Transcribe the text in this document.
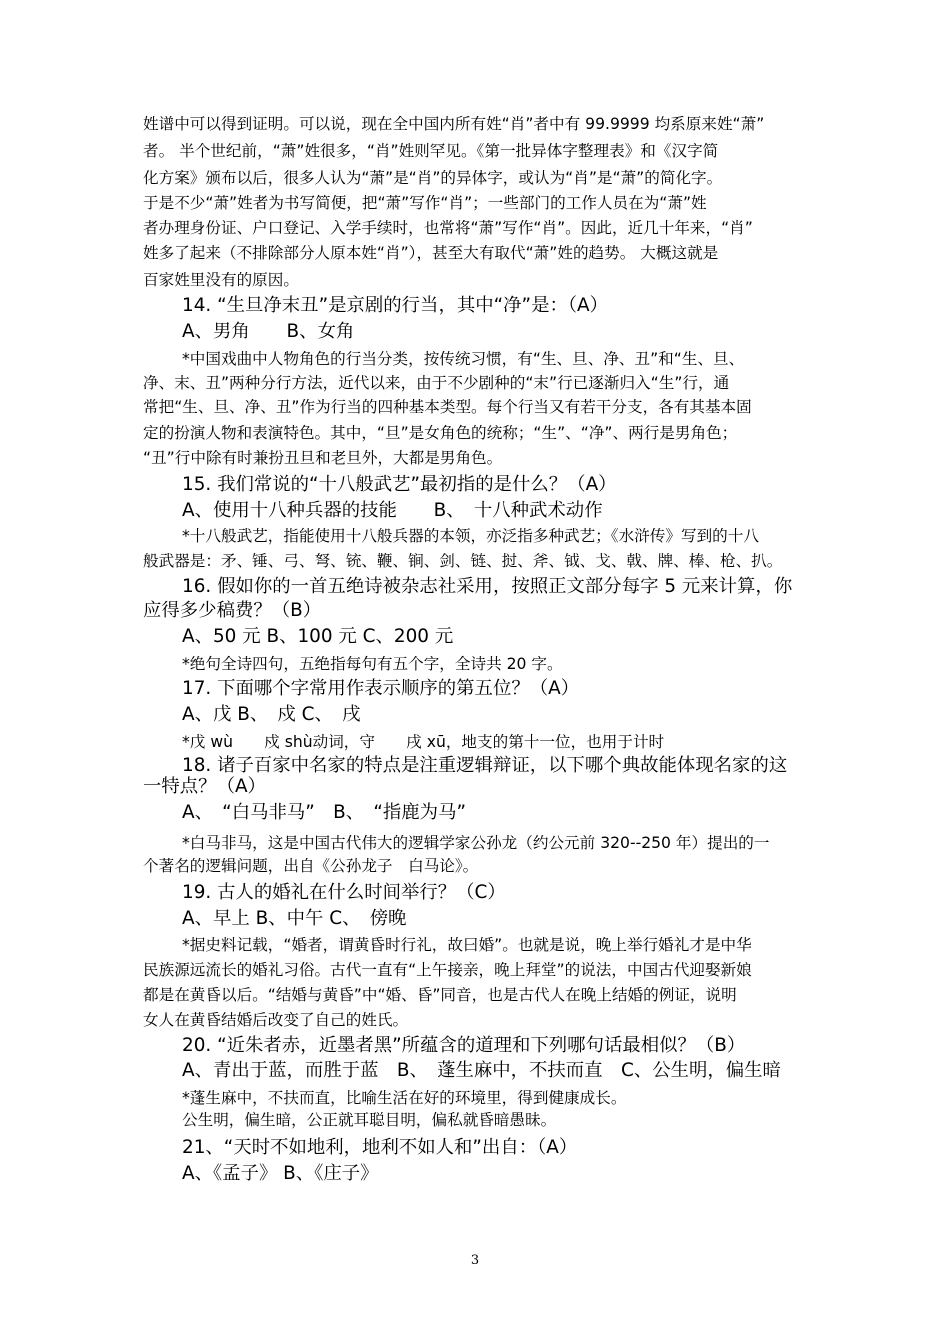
姓谱中可以得到证明。可以说，现在全中国内所有姓“肖”者中有 99.9999 均系原来姓“萧”
者。 半个世纪前，“萧”姓很多，“肖”姓则罕见。《第一批异体字整理表》和《汉字简
化方案》颁布以后，很多人认为“萧”是“肖”的异体字，或认为“肖”是“萧”的简化字。
于是不少“萧”姓者为书写简便，把“萧”写作“肖”；一些部门的工作人员在为“萧”姓
者办理身份证、户口登记、入学手续时，也常将“萧”写作“肖”。因此，近几十年来，“肖”
姓多了起来（不排除部分人原本姓“肖”），甚至大有取代“萧”姓的趋势。 大概这就是
百家姓里没有的原因。
14. “生旦净末丑”是京剧的行当，其中“净”是：（A）
A、男角　　B、女角
*中国戏曲中人物角色的行当分类，按传统习惯，有“生、旦、净、丑”和“生、旦、
净、末、丑”两种分行方法，近代以来，由于不少剧种的“末”行已逐渐归入“生”行，通
常把“生、旦、净、丑”作为行当的四种基本类型。每个行当又有若干分支，各有其基本固
定的扮演人物和表演特色。其中，“旦”是女角色的统称；“生”、“净”、两行是男角色；
“丑”行中除有时兼扮丑旦和老旦外，大都是男角色。
15. 我们常说的“十八般武艺”最初指的是什么？（A）
A、使用十八种兵器的技能　　B、　十八种武术动作
*十八般武艺，指能使用十八般兵器的本领，亦泛指多种武艺；《水浒传》写到的十八
般武器是：矛、锤、弓、弩、铳、鞭、锏、剑、链、挝、斧、钺、戈、戟、牌、棒、枪、扒。
16. 假如你的一首五绝诗被杂志社采用，按照正文部分每字 5 元来计算，你
应得多少稿费？（B）
A、50 元 B、100 元 C、200 元
*绝句全诗四句，五绝指每句有五个字，全诗共 20 字。
17. 下面哪个字常用作表示顺序的第五位？（A）
A、戊 B、　戍 C、　戌
*戊 wù　　戍 shù动词，守　　戌 xū，地支的第十一位，也用于计时
18. 诸子百家中名家的特点是注重逻辑辩证，以下哪个典故能体现名家的这
一特点？（A）
A、　“白马非马”　B、　“指鹿为马”
*白马非马，这是中国古代伟大的逻辑学家公孙龙（约公元前 320--250 年）提出的一
个著名的逻辑问题，出自《公孙龙子　白马论》。
19. 古人的婚礼在什么时间举行？（C）
A、早上 B、中午 C、　傍晚
*据史料记载，“婚者，谓黄昏时行礼，故曰婚”。也就是说，晚上举行婚礼才是中华
民族源远流长的婚礼习俗。古代一直有“上午接亲，晚上拜堂”的说法，中国古代迎娶新娘
都是在黄昏以后。“结婚与黄昏”中“婚、昏”同音，也是古代人在晚上结婚的例证，说明
女人在黄昏结婚后改变了自己的姓氏。
20. “近朱者赤，近墨者黑”所蕴含的道理和下列哪句话最相似？（B）
A、青出于蓝，而胜于蓝　B、　蓬生麻中，不扶而直　C、公生明，偏生暗
*蓬生麻中，不扶而直，比喻生活在好的环境里，得到健康成长。
公生明，偏生暗，公正就耳聪目明，偏私就昏暗愚昧。
21、“天时不如地利，地利不如人和”出自：（A）
A、《孟子》 B、《庄子》
3
